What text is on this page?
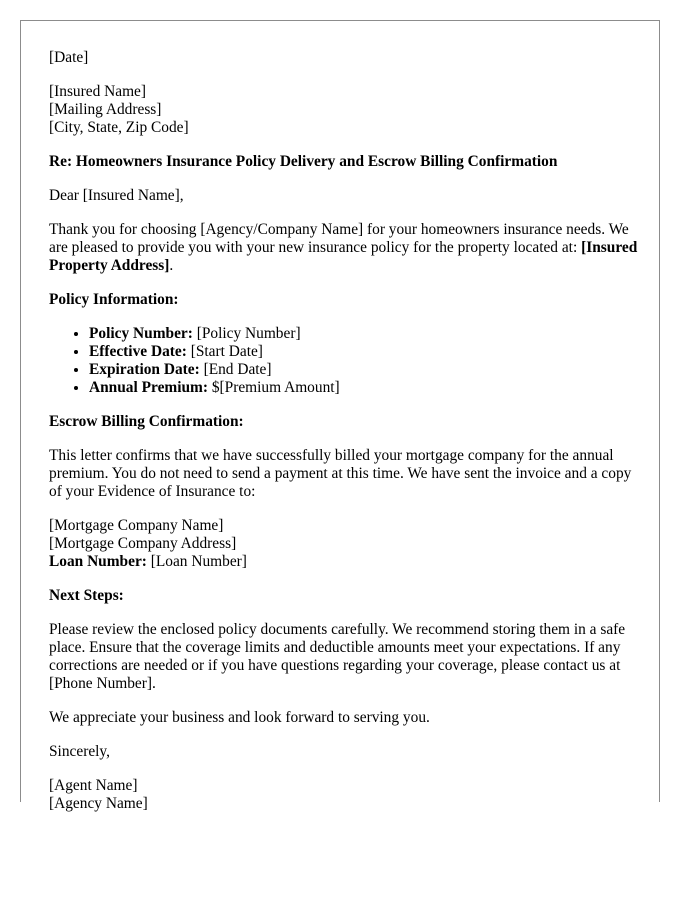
[Date]

[Insured Name]
[Mailing Address]
[City, State, Zip Code]

Re: Homeowners Insurance Policy Delivery and Escrow Billing Confirmation

Dear [Insured Name],

Thank you for choosing [Agency/Company Name] for your homeowners insurance needs. We are pleased to provide you with your new insurance policy for the property located at: [Insured Property Address].

Policy Information:

• Policy Number: [Policy Number]
• Effective Date: [Start Date]
• Expiration Date: [End Date]
• Annual Premium: $[Premium Amount]

Escrow Billing Confirmation:

This letter confirms that we have successfully billed your mortgage company for the annual premium. You do not need to send a payment at this time. We have sent the invoice and a copy of your Evidence of Insurance to:

[Mortgage Company Name]
[Mortgage Company Address]
Loan Number: [Loan Number]

Next Steps:

Please review the enclosed policy documents carefully. We recommend storing them in a safe place. Ensure that the coverage limits and deductible amounts meet your expectations. If any corrections are needed or if you have questions regarding your coverage, please contact us at [Phone Number].

We appreciate your business and look forward to serving you.

Sincerely,

[Agent Name]
[Agency Name]
